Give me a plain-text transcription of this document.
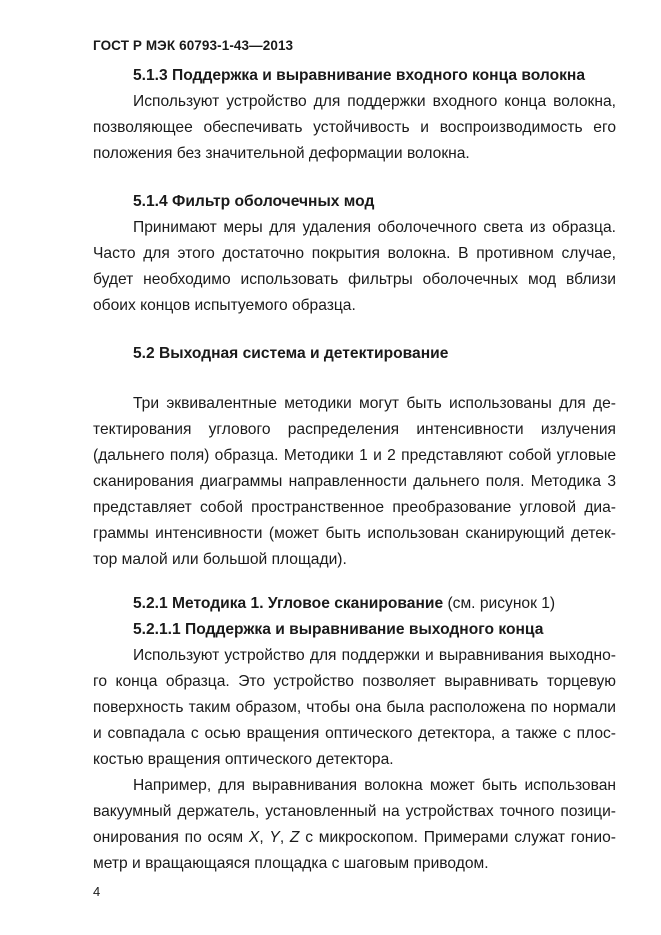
ГОСТ Р МЭК 60793-1-43—2013
5.1.3 Поддержка и выравнивание входного конца волокна
Используют устройство для поддержки входного конца волокна,
позволяющее обеспечивать устойчивость и воспроизводимость его
положения без значительной деформации волокна.
5.1.4 Фильтр оболочечных мод
Принимают меры для удаления оболочечного света из образца.
Часто для этого достаточно покрытия волокна. В противном случае,
будет необходимо использовать фильтры оболочечных мод вблизи
обоих концов испытуемого образца.
5.2 Выходная система и детектирование
Три эквивалентные методики могут быть использованы для де-
тектирования углового распределения интенсивности излучения
(дальнего поля) образца. Методики 1 и 2 представляют собой угловые
сканирования диаграммы направленности дальнего поля. Методика 3
представляет собой пространственное преобразование угловой диа-
граммы интенсивности (может быть использован сканирующий детек-
тор малой или большой площади).
5.2.1 Методика 1. Угловое сканирование (см. рисунок 1)
5.2.1.1 Поддержка и выравнивание выходного конца
Используют устройство для поддержки и выравнивания выходно-
го конца образца. Это устройство позволяет выравнивать торцевую
поверхность таким образом, чтобы она была расположена по нормали
и совпадала с осью вращения оптического детектора, а также с плос-
костью вращения оптического детектора.
Например, для выравнивания волокна может быть использован
вакуумный держатель, установленный на устройствах точного позици-
онирования по осям X, Y, Z с микроскопом. Примерами служат гонио-
метр и вращающаяся площадка с шаговым приводом.
4
